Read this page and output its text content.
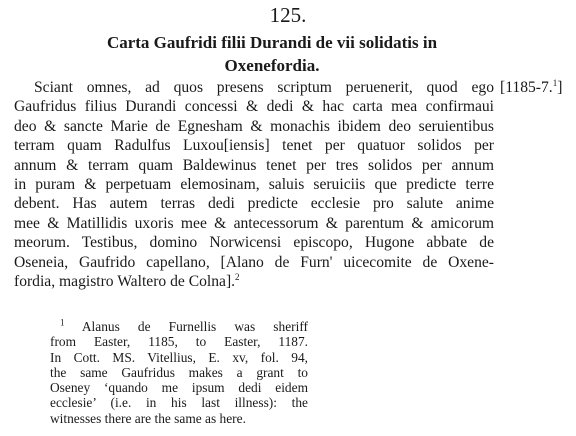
125.
Carta Gaufridi filii Durandi de vii solidatis in
Oxenefordia.
[1185-7.$^1$]

Sciant omnes, ad quos presens scriptum peruenerit, quod ego
Gaufridus filius Durandi concessi & dedi & hac carta mea confirmaui
deo & sancte Marie de Egnesham & monachis ibidem deo seruientibus
terram quam Radulfus Luxou[iensis] tenet per quatuor solidos per
annum & terram quam Baldewinus tenet per tres solidos per annum
in puram & perpetuam elemosinam, saluis seruiciis que predicte terre
debent. Has autem terras dedi predicte ecclesie pro salute anime
mee & Matillidis uxoris mee & antecessorum & parentum & amicorum
meorum. Testibus, domino Norwicensi episcopo, Hugone abbate de
Oseneia, Gaufrido capellano, [Alano de Furn' uicecomite de Oxene-
fordia, magistro Waltero de Colna].$^2$

$^1$ Alanus de Furnellis was sheriff
from Easter, 1185, to Easter, 1187.
In Cott. MS. Vitellius, E. xv, fol. 94,
the same Gaufridus makes a grant to
Oseney ‘quando me ipsum dedi eidem
ecclesie’ (i.e. in his last illness): the
witnesses there are the same as here.
